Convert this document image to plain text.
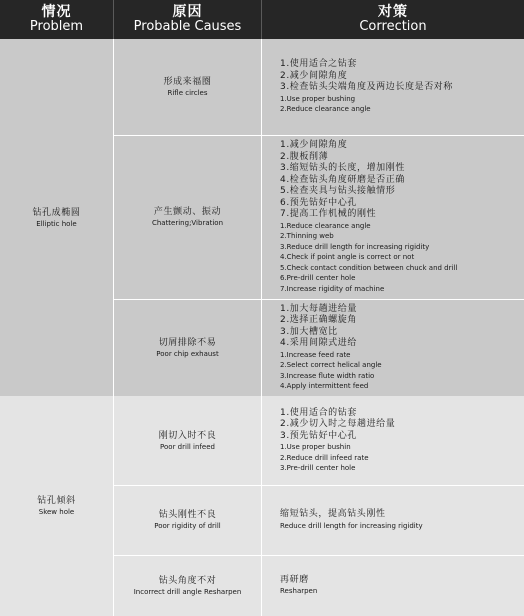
情况
Problem
原因
Probable Causes
对策
Correction
钻孔成椭圆
Elliptic hole
形成来福圈
Rifle circles
1.使用适合之钻套
2.减少间隙角度
3.检查钻头尖端角度及两边长度是否对称
1.Use proper bushing
2.Reduce clearance angle
产生颤动、振动
Chattering;Vibration
1.减少间隙角度
2.腹板削薄
3.缩短钻头的长度，增加刚性
4.检查钻头角度研磨是否正确
5.检查夹具与钻头接触情形
6.预先钻好中心孔
7.提高工作机械的刚性
1.Reduce clearance angle
2.Thinning web
3.Reduce drill length for increasing rigidity
4.Check if point angle is correct or not
5.Check contact condition between chuck and drill
6.Pre-drill center hole
7.Increase rigidity of machine
切屑排除不易
Poor chip exhaust
1.加大每趟进给量
2.选择正确螺旋角
3.加大槽宽比
4.采用间隙式进给
1.Increase feed rate
2.Select correct helical angle
3.Increase flute width ratio
4.Apply intermittent feed
钻孔倾斜
Skew hole
刚切入时不良
Poor drill infeed
1.使用适合的钻套
2.减少切入时之每趟进给量
3.预先钻好中心孔
1.Use proper bushin
2.Reduce drill infeed rate
3.Pre-drill center hole
钻头刚性不良
Poor rigidity of drill
缩短钻头，提高钻头刚性
Reduce drill length for increasing rigidity
钻头角度不对
Incorrect drill angle Resharpen
再研磨
Resharpen
